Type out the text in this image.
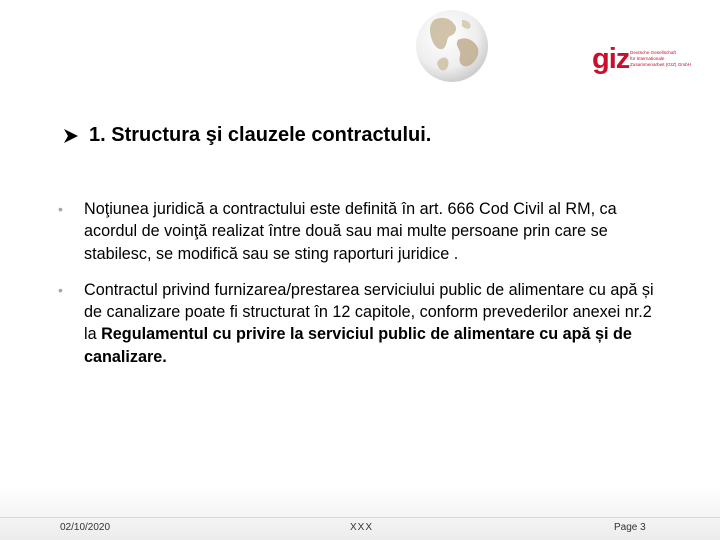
giz Deutsche Gesellschaft
für Internationale
Zusammenarbeit (GIZ) GmbH
1. Structura şi clauzele contractului.
• Noţiunea juridică a contractului este definită în art. 666 Cod Civil al RM, ca acordul de voinţă realizat între două sau mai multe persoane prin care se stabilesc, se modifică sau se sting raporturi juridice .
• Contractul privind furnizarea/prestarea serviciului public de alimentare cu apă și de canalizare poate fi structurat în 12 capitole, conform prevederilor anexei nr.2 la Regulamentul cu privire la serviciul public de alimentare cu apă și de canalizare.
02/10/2020	XXX	Page 3
